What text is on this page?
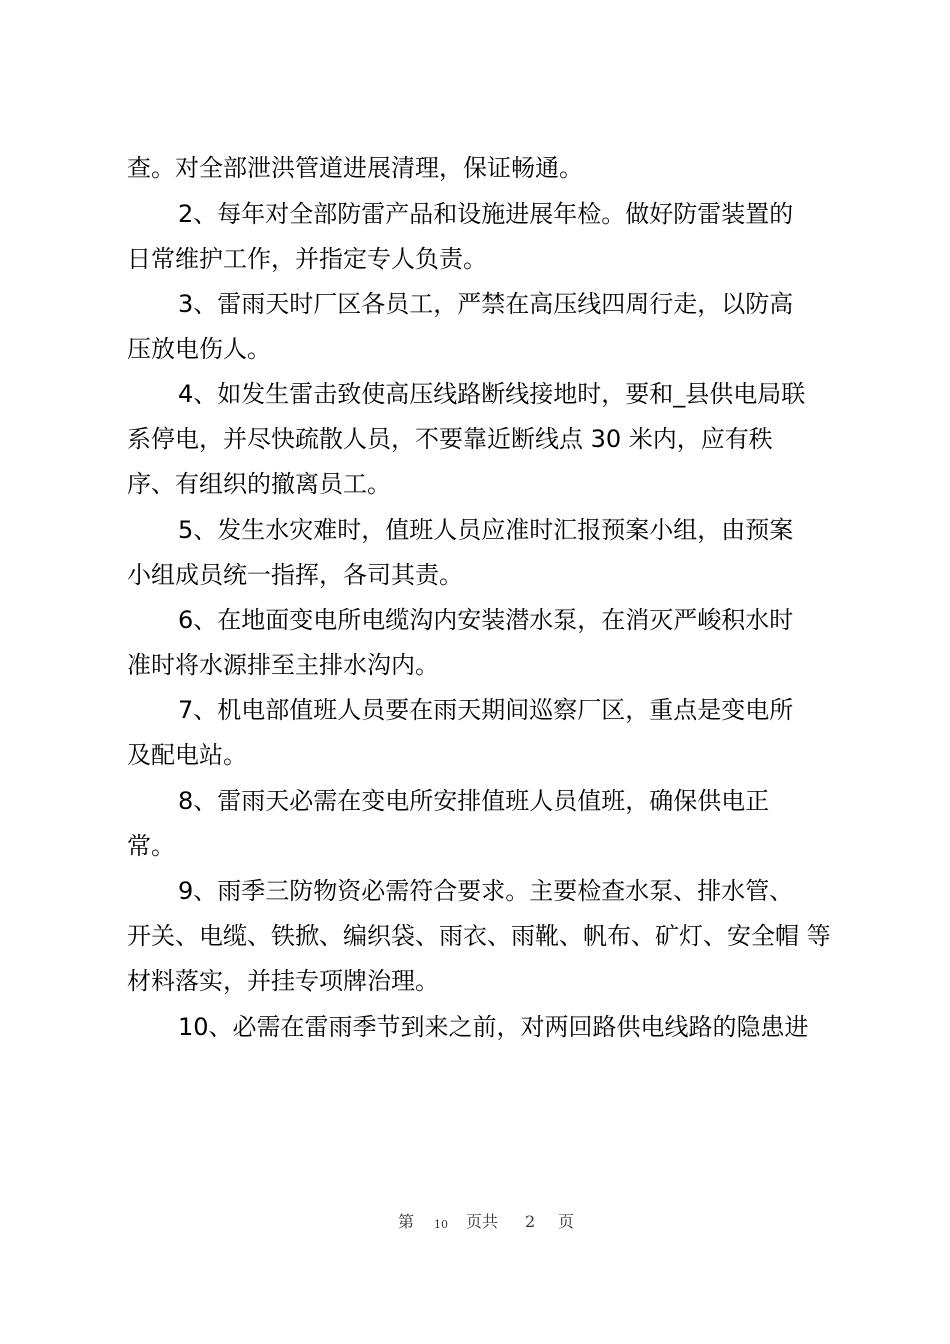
查。对全部泄洪管道进展清理，保证畅通。
2、每年对全部防雷产品和设施进展年检。做好防雷装置的
日常维护工作，并指定专人负责。
3、雷雨天时厂区各员工，严禁在高压线四周行走，以防高
压放电伤人。
4、如发生雷击致使高压线路断线接地时，要和_县供电局联
系停电，并尽快疏散人员，不要靠近断线点 30 米内，应有秩
序、有组织的撤离员工。
5、发生水灾难时，值班人员应准时汇报预案小组，由预案
小组成员统一指挥，各司其责。
6、在地面变电所电缆沟内安装潜水泵，在消灭严峻积水时
准时将水源排至主排水沟内。
7、机电部值班人员要在雨天期间巡察厂区，重点是变电所
及配电站。
8、雷雨天必需在变电所安排值班人员值班，确保供电正
常。
9、雨季三防物资必需符合要求。主要检查水泵、排水管、
开关、电缆、铁掀、编织袋、雨衣、雨靴、帆布、矿灯、安全帽 等
材料落实，并挂专项牌治理。
10、必需在雷雨季节到来之前，对两回路供电线路的隐患进
第 10 页共 2 页
